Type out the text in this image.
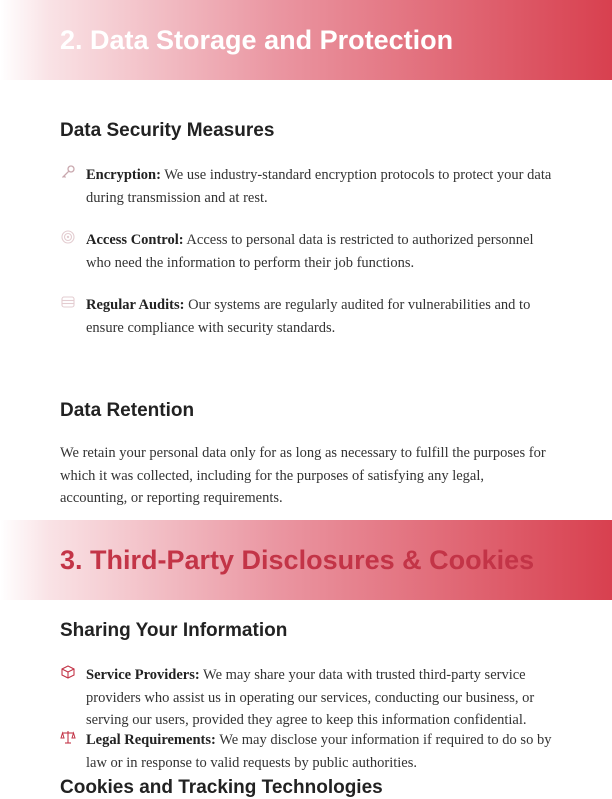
2. Data Storage and Protection
Data Security Measures

Encryption: We use industry-standard encryption protocols to protect your data during transmission and at rest.

Access Control: Access to personal data is restricted to authorized personnel who need the information to perform their job functions.

Regular Audits: Our systems are regularly audited for vulnerabilities and to ensure compliance with security standards.

Data Retention

We retain your personal data only for as long as necessary to fulfill the purposes for which it was collected, including for the purposes of satisfying any legal, accounting, or reporting requirements.

3. Third-Party Disclosures & Cookies
Sharing Your Information

Service Providers: We may share your data with trusted third-party service providers who assist us in operating our services, conducting our business, or serving our users, provided they agree to keep this information confidential.

Legal Requirements: We may disclose your information if required to do so by law or in response to valid requests by public authorities.

Cookies and Tracking Technologies
